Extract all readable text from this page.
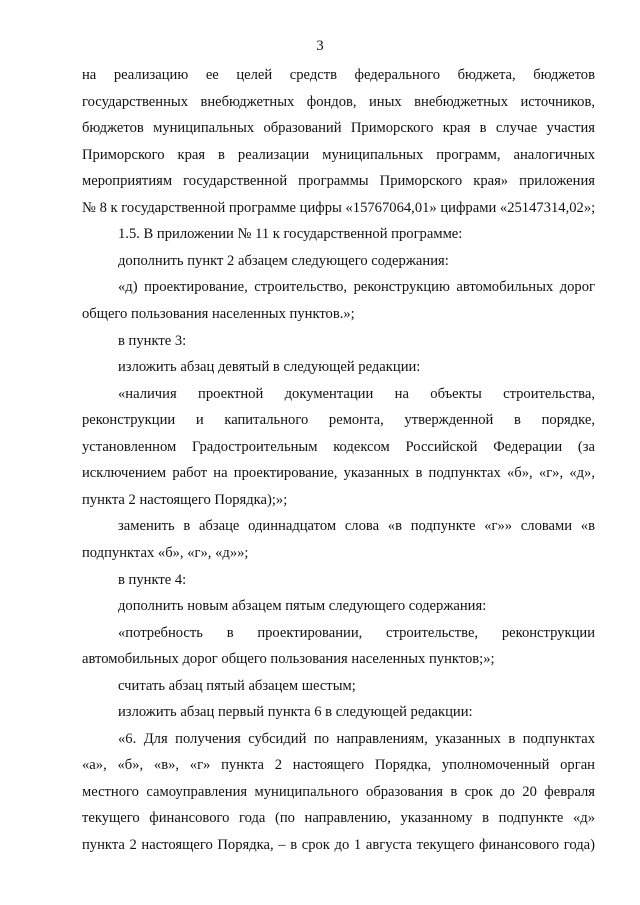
3
на реализацию ее целей средств федерального бюджета, бюджетов
государственных внебюджетных фондов, иных внебюджетных источников,
бюджетов муниципальных образований Приморского края в случае участия
Приморского края в реализации муниципальных программ, аналогичных
мероприятиям государственной программы Приморского края» приложения
№ 8 к государственной программе цифры «15767064,01» цифрами «25147314,02»;
1.5. В приложении № 11 к государственной программе:
дополнить пункт 2 абзацем следующего содержания:
«д) проектирование, строительство, реконструкцию автомобильных дорог
общего пользования населенных пунктов.»;
в пункте 3:
изложить абзац девятый в следующей редакции:
«наличия проектной документации на объекты строительства,
реконструкции и капитального ремонта, утвержденной в порядке,
установленном Градостроительным кодексом Российской Федерации (за
исключением работ на проектирование, указанных в подпунктах «б», «г», «д»,
пункта 2 настоящего Порядка);»;
заменить в абзаце одиннадцатом слова «в подпункте «г»» словами «в
подпунктах «б», «г», «д»»;
в пункте 4:
дополнить новым абзацем пятым следующего содержания:
«потребность в проектировании, строительстве, реконструкции
автомобильных дорог общего пользования населенных пунктов;»;
считать абзац пятый абзацем шестым;
изложить абзац первый пункта 6 в следующей редакции:
«6. Для получения субсидий по направлениям, указанных в подпунктах
«а», «б», «в», «г» пункта 2 настоящего Порядка, уполномоченный орган
местного самоуправления муниципального образования в срок до 20 февраля
текущего финансового года (по направлению, указанному в подпункте «д»
пункта 2 настоящего Порядка, – в срок до 1 августа текущего финансового года)
